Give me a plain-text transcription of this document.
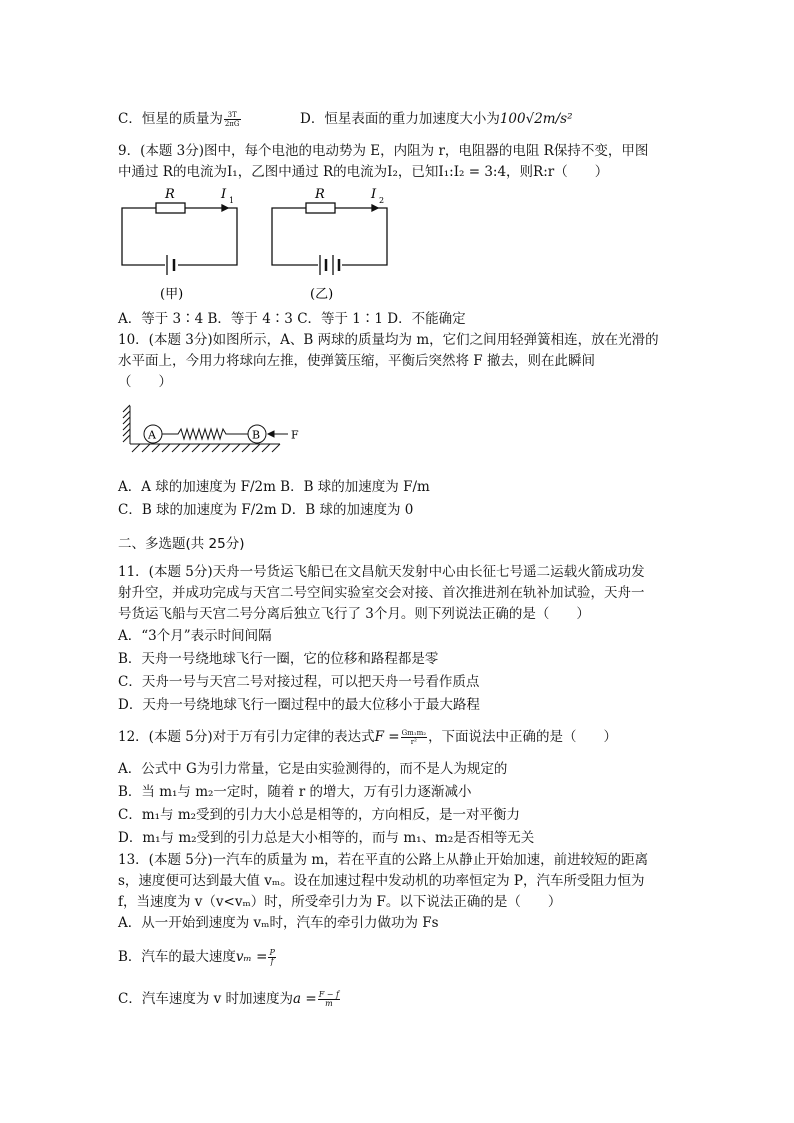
C．恒星的质量为 $\frac{3T}{2\pi G}$	D．恒星表面的重力加速度大小为100√2m/s²
9．(本题 3分)图中，每个电池的电动势为 E，内阻为 r，电阻器的电阻 R保持不变，甲图
中通过 R的电流为I₁，乙图中通过 R的电流为I₂，已知I₁:I₂ = 3:4，则R:r（　　）
R	I 1
(甲)
R	I 2
(乙)
A．等于 3∶4 B．等于 4∶3 C．等于 1∶1 D．不能确定
10．(本题 3分)如图所示，A、B 两球的质量均为 m，它们之间用轻弹簧相连，放在光滑的
水平面上，今用力将球向左推，使弹簧压缩，平衡后突然将 F 撤去，则在此瞬间
（　　）
A	B	F
A．A 球的加速度为 F/2m B．B 球的加速度为 F/m
C．B 球的加速度为 F/2m D．B 球的加速度为 0
二、多选题(共 25分)
11．(本题 5分)天舟一号货运飞船已在文昌航天发射中心由长征七号遥二运载火箭成功发
射升空，并成功完成与天宫二号空间实验室交会对接、首次推进剂在轨补加试验，天舟一
号货运飞船与天宫二号分离后独立飞行了 3个月。则下列说法正确的是（　　）
A．“3个月”表示时间间隔
B．天舟一号绕地球飞行一圈，它的位移和路程都是零
C．天舟一号与天宫二号对接过程，可以把天舟一号看作质点
D．天舟一号绕地球飞行一圈过程中的最大位移小于最大路程
12．(本题 5分)对于万有引力定律的表达式$F = \frac{\text{Gm₁m₂}}{\text{r²}}$ ，下面说法中正确的是（　　）
A．公式中 G为引力常量，它是由实验测得的，而不是人为规定的
B．当 m₁与 m₂一定时，随着 r 的增大，万有引力逐渐减小
C．m₁与 m₂受到的引力大小总是相等的，方向相反，是一对平衡力
D．m₁与 m₂受到的引力总是大小相等的，而与 m₁、m₂是否相等无关
13．(本题 5分)一汽车的质量为 m，若在平直的公路上从静止开始加速，前进较短的距离
s，速度便可达到最大值 vₘ。设在加速过程中发动机的功率恒定为 P，汽车所受阻力恒为
f，当速度为 v（v<vₘ）时，所受牵引力为 F。以下说法正确的是（　　）
A．从一开始到速度为 vₘ时，汽车的牵引力做功为 Fs
B．汽车的最大速度$v_m = \frac{P}{f}$
C．汽车速度为 v 时加速度为$a = \frac{F - f}{m}$
